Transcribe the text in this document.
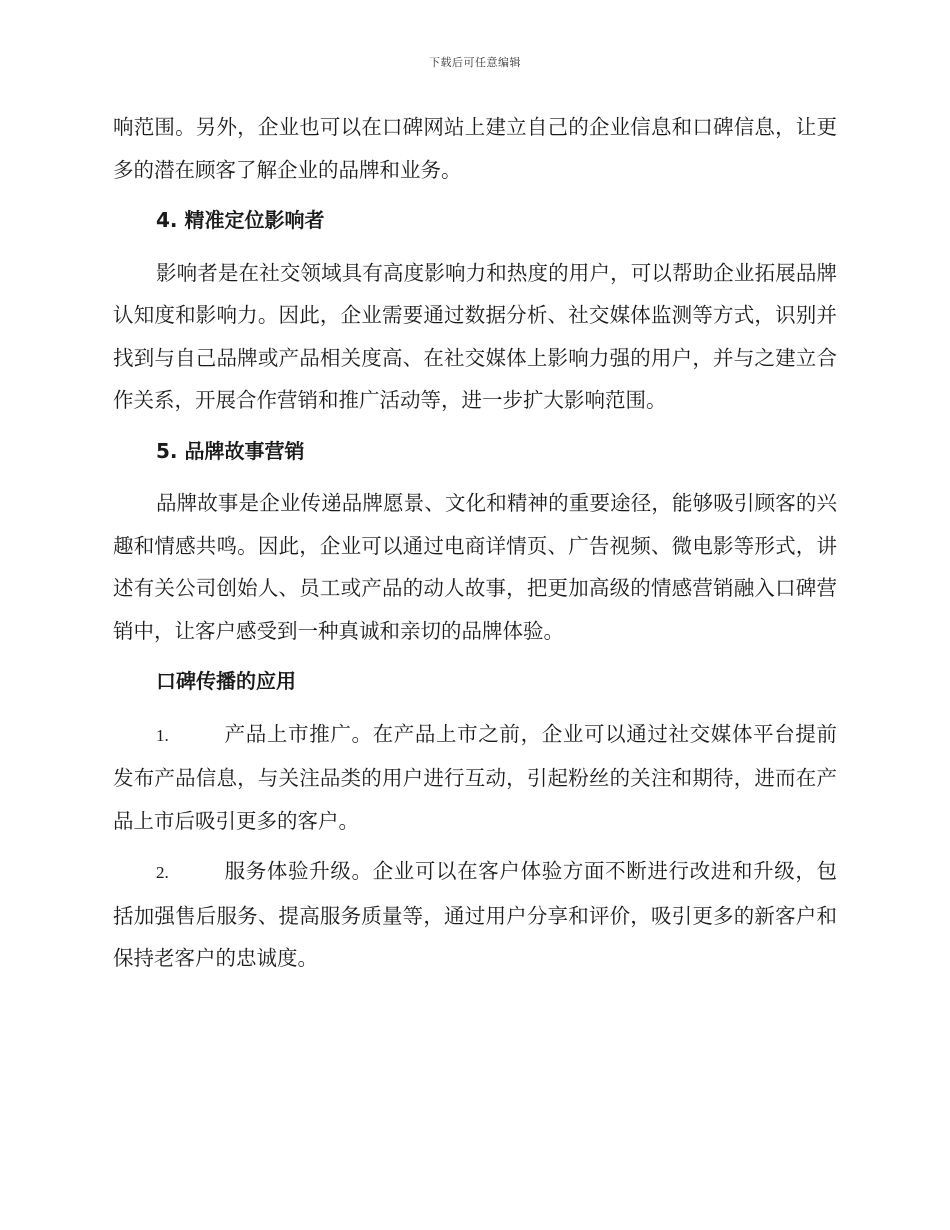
下载后可任意编辑

响范围。另外，企业也可以在口碑网站上建立自己的企业信息和口碑信息，让更多的潜在顾客了解企业的品牌和业务。

4. 精准定位影响者

影响者是在社交领域具有高度影响力和热度的用户，可以帮助企业拓展品牌认知度和影响力。因此，企业需要通过数据分析、社交媒体监测等方式，识别并找到与自己品牌或产品相关度高、在社交媒体上影响力强的用户，并与之建立合作关系，开展合作营销和推广活动等，进一步扩大影响范围。

5. 品牌故事营销

品牌故事是企业传递品牌愿景、文化和精神的重要途径，能够吸引顾客的兴趣和情感共鸣。因此，企业可以通过电商详情页、广告视频、微电影等形式，讲述有关公司创始人、员工或产品的动人故事，把更加高级的情感营销融入口碑营销中，让客户感受到一种真诚和亲切的品牌体验。

口碑传播的应用

1.	产品上市推广。在产品上市之前，企业可以通过社交媒体平台提前发布产品信息，与关注品类的用户进行互动，引起粉丝的关注和期待，进而在产品上市后吸引更多的客户。

2.	服务体验升级。企业可以在客户体验方面不断进行改进和升级，包括加强售后服务、提高服务质量等，通过用户分享和评价，吸引更多的新客户和保持老客户的忠诚度。
